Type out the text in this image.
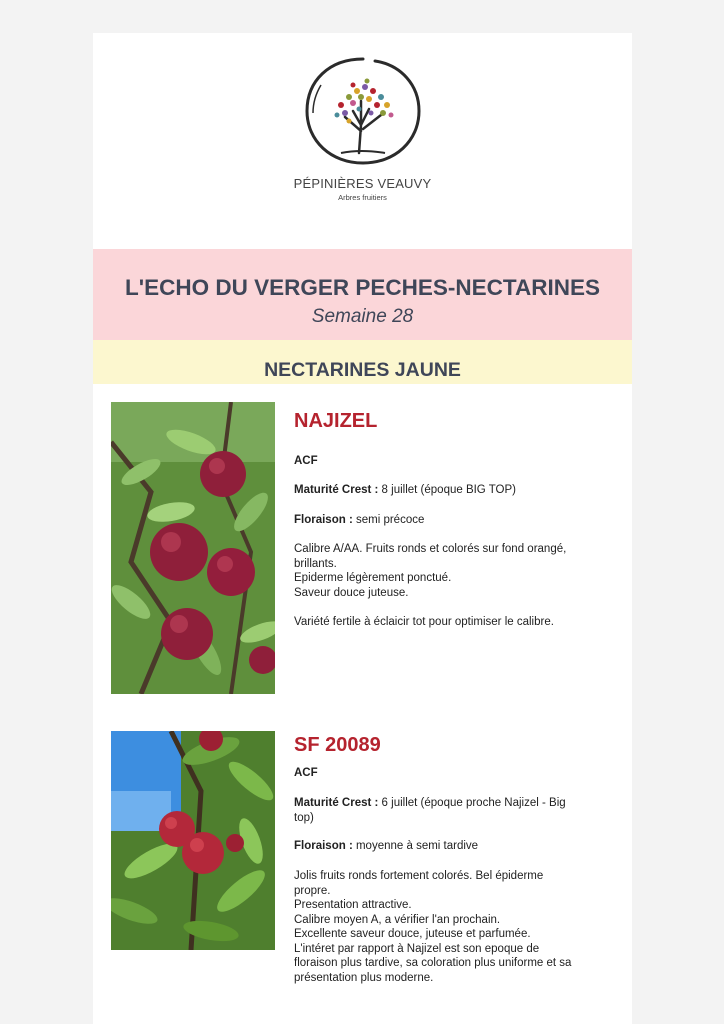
PÉPINIÈRES VEAUVY
Arbres fruitiers
L'ECHO DU VERGER PECHES-NECTARINES
Semaine 28
NECTARINES JAUNE
NAJIZEL
ACF
Maturité Crest : 8 juillet (époque BIG TOP)
Floraison : semi précoce
Calibre A/AA. Fruits ronds et colorés sur fond orangé,
brillants.
Epiderme légèrement ponctué.
Saveur douce juteuse.
Variété fertile à éclaicir tot pour optimiser le calibre.
SF 20089
ACF
Maturité Crest : 6 juillet (époque proche Najizel - Big
top)
Floraison : moyenne à semi tardive
Jolis fruits ronds fortement colorés. Bel épiderme
propre.
Presentation attractive.
Calibre moyen A, a vérifier l'an prochain.
Excellente saveur douce, juteuse et parfumée.
L'intéret par rapport à Najizel est son epoque de
floraison plus tardive, sa coloration plus uniforme et sa
présentation plus moderne.
